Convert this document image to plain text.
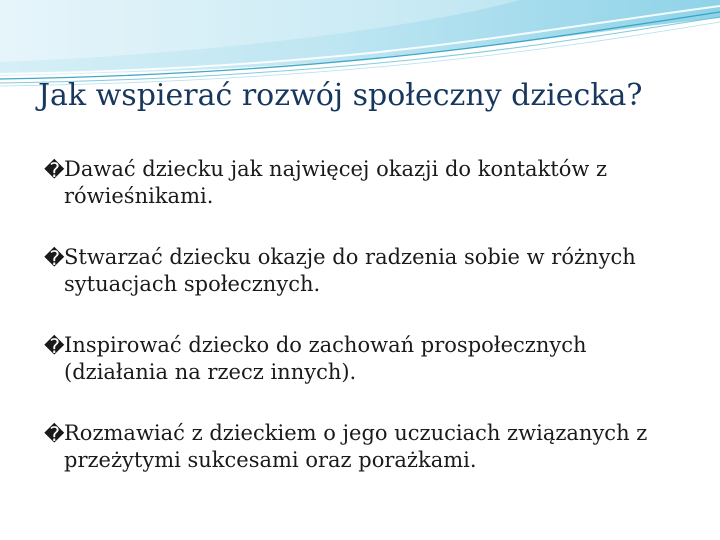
Jak wspierać rozwój społeczny dziecka?
� Dawać dziecku jak najwięcej okazji do kontaktów z rówieśnikami.
� Stwarzać dziecku okazje do radzenia sobie w różnych sytuacjach społecznych.
� Inspirować dziecko do zachowań prospołecznych (działania na rzecz innych).
� Rozmawiać z dzieckiem o jego uczuciach związanych z przeżytymi sukcesami oraz porażkami.
